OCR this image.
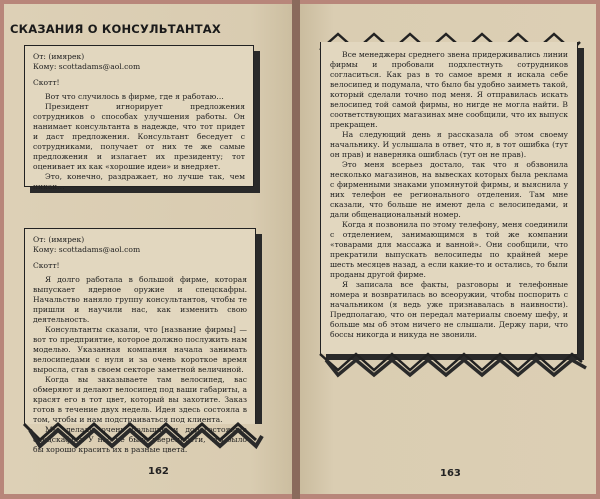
СКАЗАНИЯ О КОНСУЛЬТАНТАХ
От: (имярек)
Кому: scottadams@aol.com

Скотт!

Вот что случилось в фирме, где я работаю…

Президент игнорирует предложения сотрудников о способах улучшения работы. Он нанимает консультанта в надежде, что тот придет и даст предложения. Консультант беседует с сотрудниками, получает от них те же самые предложения и излагает их президенту; тот оценивает их как «хорошие идеи» и внедряет.

Это, конечно, раздражает, но лучше так, чем никак…

От: (имярек)
Кому: scottadams@aol.com

Скотт!

Я долго работала в большой фирме, которая выпускает ядерное оружие и спецскафры. Начальство наняло группу консультантов, чтобы те пришли и научили нас, как изменить свою деятельность.

Консультанты сказали, что [название фирмы] — вот то предприятие, которое должно послужить нам моделью. Указанная компания начала занимать велосипедами с нуля и за очень короткое время выросла, став в своем секторе заметной величиной.

Когда вы заказываете там велосипед, вас обмеряют и делают велосипед под ваши габариты, а красят его в тот цвет, который вы захотите. Заказ готов в течение двух недель. Идея здесь состояла в том, чтобы и нам подстраиваться под клиента.

Мы делали очень большие и дорогостоящие спецскафры. У нас не было уверенности, что было бы хорошо красить их в разные цвета.

162

Все менеджеры среднего звена придерживались линии фирмы и пробовали подхлестнуть сотрудников согласиться. Как раз в то самое время я искала себе велосипед и подумала, что было бы удобно заиметь такой, который сделали точно под меня. Я отправилась искать велосипед той самой фирмы, но нигде не могла найти. В соответствующих магазинах мне сообщили, что их выпуск прекращен.

На следующий день я рассказала об этом своему начальнику. И услышала в ответ, что я, в тот ошибка (тут он прав) и наверняка ошиблась (тут он не прав).

Это меня всерьез достало, так что я обзвонила несколько магазинов, на вывесках которых была реклама с фирменными знаками упомянутой фирмы, и выяснила у них телефон ее регионального отделения. Там мне сказали, что больше не имеют дела с велосипедами, и дали общенациональный номер.

Когда я позвонила по этому телефону, меня соединили с отделением, занимающимся в той же компании «товарами для массажа и ванной». Они сообщили, что прекратили выпускать велосипеды по крайней мере шесть месяцев назад, а если какие-то и остались, то были проданы другой фирме.

Я записала все факты, разговоры и телефонные номера и возвратилась во всеоружии, чтобы поспорить с начальником (я ведь уже признавалась в наивности). Предполагаю, что он передал материалы своему шефу, и больше мы об этом ничего не слышали. Держу пари, что боссы никогда и никуда не звонили.

163
